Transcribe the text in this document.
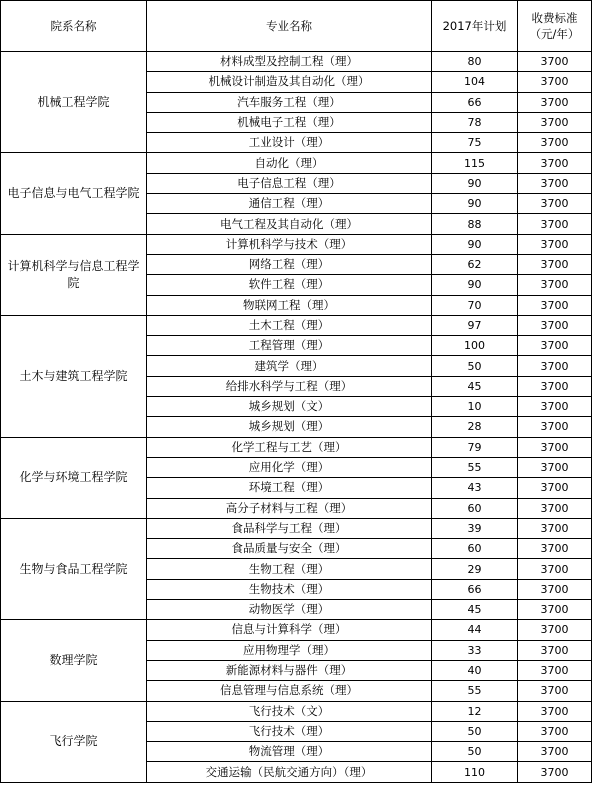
院系名称	专业名称	2017年计划	收费标准
（元/年）
机械工程学院	材料成型及控制工程（理）	80	3700
	机械设计制造及其自动化（理）	104	3700
	汽车服务工程（理）	66	3700
	机械电子工程（理）	78	3700
	工业设计（理）	75	3700
电子信息与电气工程学院	自动化（理）	115	3700
	电子信息工程（理）	90	3700
	通信工程（理）	90	3700
	电气工程及其自动化（理）	88	3700
计算机科学与信息工程学院	计算机科学与技术（理）	90	3700
	网络工程（理）	62	3700
	软件工程（理）	90	3700
	物联网工程（理）	70	3700
土木与建筑工程学院	土木工程（理）	97	3700
	工程管理（理）	100	3700
	建筑学（理）	50	3700
	给排水科学与工程（理）	45	3700
	城乡规划（文）	10	3700
	城乡规划（理）	28	3700
化学与环境工程学院	化学工程与工艺（理）	79	3700
	应用化学（理）	55	3700
	环境工程（理）	43	3700
	高分子材料与工程（理）	60	3700
生物与食品工程学院	食品科学与工程（理）	39	3700
	食品质量与安全（理）	60	3700
	生物工程（理）	29	3700
	生物技术（理）	66	3700
	动物医学（理）	45	3700
数理学院	信息与计算科学（理）	44	3700
	应用物理学（理）	33	3700
	新能源材料与器件（理）	40	3700
	信息管理与信息系统（理）	55	3700
飞行学院	飞行技术（文）	12	3700
	飞行技术（理）	50	3700
	物流管理（理）	50	3700
	交通运输（民航交通方向）（理）	110	3700
